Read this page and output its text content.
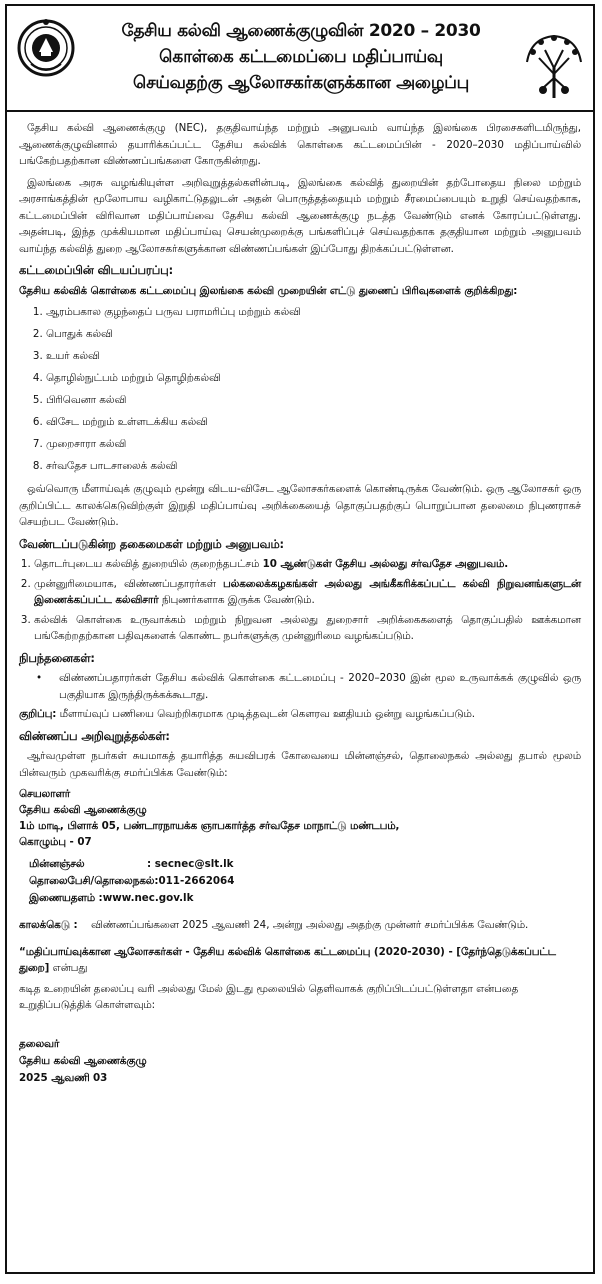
தேசிய கல்வி ஆணைக்குழுவின் 2020 – 2030
கொள்கை கட்டமைப்பை மதிப்பாய்வு
செய்வதற்கு ஆலோசகர்களுக்கான அழைப்பு

தேசிய கல்வி ஆணைக்குழு (NEC), தகுதிவாய்ந்த மற்றும் அனுபவம் வாய்ந்த இலங்கை பிரசைகளிடமிருந்து, ஆணைக்குழுவினால் தயாரிக்கப்பட்ட தேசிய கல்விக் கொள்கை கட்டமைப்பின் - 2020–2030 மதிப்பாய்வில் பங்கேற்பதற்கான விண்ணப்பங்களை கோருகின்றது.

இலங்கை அரசு வழங்கியுள்ள அறிவுறுத்தல்களின்படி, இலங்கை கல்வித் துறையின் தற்போதைய நிலை மற்றும் அரசாங்கத்தின் மூலோபாய வழிகாட்டுதலுடன் அதன் பொருத்தத்தையும் மற்றும் சீரமைப்பையும் உறுதி செய்வதற்காக, கட்டமைப்பின் விரிவான மதிப்பாய்வை தேசிய கல்வி ஆணைக்குழு நடத்த வேண்டும் எனக் கோரப்பட்டுள்ளது. அதன்படி, இந்த முக்கியமான மதிப்பாய்வு செயன்முறைக்கு பங்களிப்புச் செய்வதற்காக தகுதியான மற்றும் அனுபவம் வாய்ந்த கல்வித் துறை ஆலோசகர்களுக்கான விண்ணப்பங்கள் இப்போது திறக்கப்பட்டுள்ளன.

கட்டமைப்பின் விடயப்பரப்பு:
தேசிய கல்விக் கொள்கை கட்டமைப்பு இலங்கை கல்வி முறையின் எட்டு துணைப் பிரிவுகளைக் குறிக்கிறது:
1. ஆரம்பகால குழந்தைப் பருவ பராமரிப்பு மற்றும் கல்வி
2. பொதுக் கல்வி
3. உயர் கல்வி
4. தொழில்நுட்பம் மற்றும் தொழிற்கல்வி
5. பிரிவெனா கல்வி
6. விசேட மற்றும் உள்ளடக்கிய கல்வி
7. முறைசாரா கல்வி
8. சர்வதேச பாடசாலைக் கல்வி

ஒவ்வொரு மீளாய்வுக் குழுவும் மூன்று விடய-விசேட ஆலோசகர்களைக் கொண்டிருக்க வேண்டும். ஒரு ஆலோசகர் ஒரு குறிப்பிட்ட காலக்கெடுவிற்குள் இறுதி மதிப்பாய்வு அறிக்கையைத் தொகுப்பதற்குப் பொறுப்பான தலைமை நிபுணராகச் செயற்பட வேண்டும்.

வேண்டப்படுகின்ற தகைமைகள் மற்றும் அனுபவம்:
1. தொடர்புடைய கல்வித் துறையில் குறைந்தபட்சம் 10 ஆண்டுகள் தேசிய அல்லது சர்வதேச அனுபவம்.
2. முன்னுரிமையாக, விண்ணப்பதாரர்கள் பல்கலைக்கழகங்கள் அல்லது அங்கீகரிக்கப்பட்ட கல்வி நிறுவனங்களுடன் இணைக்கப்பட்ட கல்விசார் நிபுணர்களாக இருக்க வேண்டும்.
3. கல்விக் கொள்கை உருவாக்கம் மற்றும் நிறுவன அல்லது துறைசார் அறிக்கைகளைத் தொகுப்பதில் ஊக்கமான பங்கேற்றதற்கான பதிவுகளைக் கொண்ட நபர்களுக்கு முன்னுரிமை வழங்கப்படும்.
நிபந்தனைகள்:
•	விண்ணப்பதாரர்கள் தேசிய கல்விக் கொள்கை கட்டமைப்பு - 2020–2030 இன் மூல உருவாக்கக் குழுவில் ஒரு பகுதியாக இருந்திருக்கக்கூடாது.
குறிப்பு: மீளாய்வுப் பணியை வெற்றிகரமாக முடித்தவுடன் கௌரவ ஊதியம் ஒன்று வழங்கப்படும்.
விண்ணப்ப அறிவுறுத்தல்கள்:

ஆர்வமுள்ள நபர்கள் சுயமாகத் தயாரித்த சுயவிபரக் கோவையை மின்னஞ்சல், தொலைநகல் அல்லது தபால் மூலம் பின்வரும் முகவரிக்கு சமர்ப்பிக்க வேண்டும்:

செயலாளர்
தேசிய கல்வி ஆணைக்குழு
1ம் மாடி, பிளாக் 05, பண்டாரநாயக்க ஞாபகார்த்த சர்வதேச மாநாட்டு மண்டபம்,
கொழும்பு - 07
மின்னஞ்சல்	: secnec@slt.lk
தொலைபேசி/தொலைநகல்: 011-2662064
இணையதளம் : www.nec.gov.lk
காலக்கெடு :	விண்ணப்பங்களை 2025 ஆவணி 24, அன்று அல்லது அதற்கு முன்னர் சமர்ப்பிக்க வேண்டும்.
“மதிப்பாய்வுக்கான ஆலோசகர்கள் - தேசிய கல்விக் கொள்கை கட்டமைப்பு (2020-2030) - [தேர்ந்தெடுக்கப்பட்ட துறை] என்பது
கடித உறையின் தலைப்பு வரி அல்லது மேல் இடது மூலையில் தெளிவாகக் குறிப்பிடப்பட்டுள்ளதா என்பதை உறுதிப்படுத்திக் கொள்ளவும்:
தலைவர்
தேசிய கல்வி ஆணைக்குழு
2025 ஆவணி 03
